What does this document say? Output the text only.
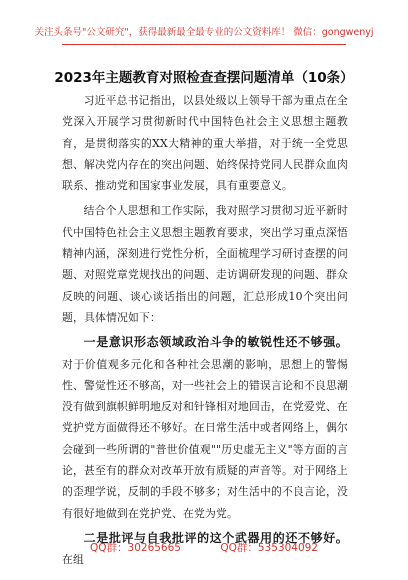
关注头条号"公文研究"，获得最新最全最专业的公文资料库！ 微信：gongwenyj
2023年主题教育对照检查查摆问题清单（10条）

习近平总书记指出，以县处级以上领导干部为重点在全党深入开展学习贯彻新时代中国特色社会主义思想主题教育，是贯彻落实的XX大精神的重大举措，对于统一全党思想、解决党内存在的突出问题、始终保持党同人民群众血肉联系、推动党和国家事业发展，具有重要意义。

结合个人思想和工作实际，我对照学习贯彻习近平新时代中国特色社会主义思想主题教育要求，突出学习重点深悟精神内涵，深刻进行党性分析，全面梳理学习研讨查摆的问题、对照党章党规找出的问题、走访调研发现的问题、群众反映的问题、谈心谈话指出的问题，汇总形成10个突出问题，具体情况如下：

一是意识形态领域政治斗争的敏锐性还不够强。对于价值观多元化和各种社会思潮的影响，思想上的警惕性、警觉性还不够高，对一些社会上的错误言论和不良思潮没有做到旗帜鲜明地反对和针锋相对地回击，在党爱党、在党护党方面做得还不够好。在日常生活中或者网络上，偶尔会碰到一些所谓的"普世价值观""历史虚无主义"等方面的言论，甚至有的群众对改革开放有质疑的声音等。对于网络上的歪理学说，反制的手段不够多；对生活中的不良言论，没有很好地做到在党护党、在党为党。

二是批评与自我批评的这个武器用的还不够好。在组

QQ群：30265665	QQ群：535304092
